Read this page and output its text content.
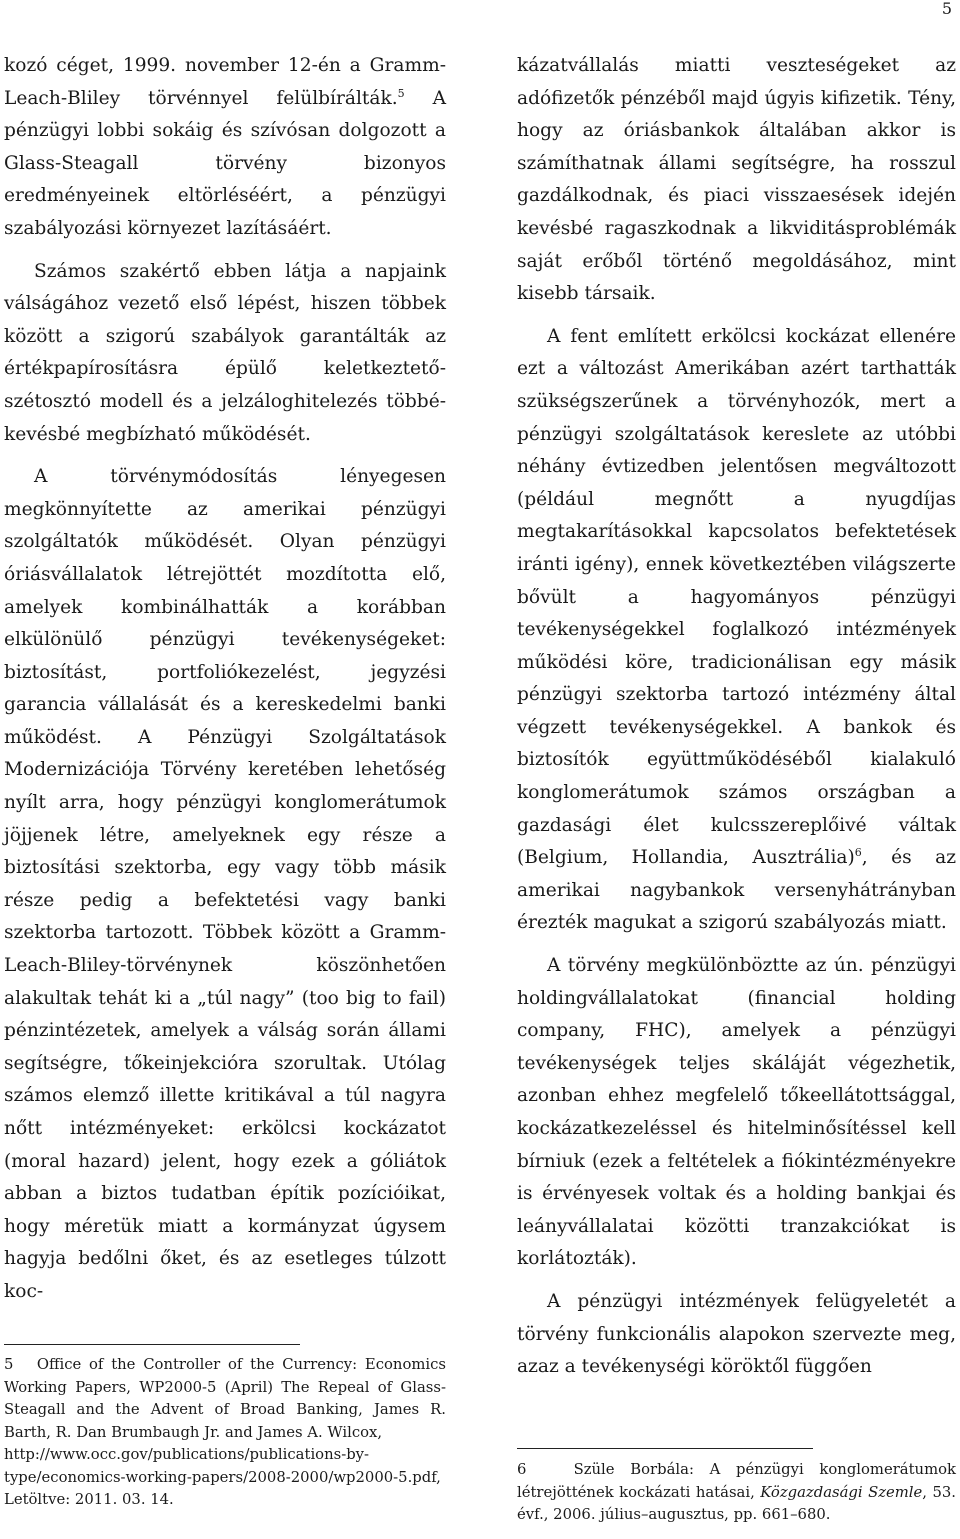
5

kozó céget, 1999. november 12-én a Gramm-Leach-Bliley törvénnyel felülbírálták.$^5$ A pénzügyi lobbi sokáig és szívósan dolgozott a Glass-Steagall törvény bizonyos eredményeinek eltörléséért, a pénzügyi szabályozási környezet lazításáért.

Számos szakértő ebben látja a napjaink válságához vezető első lépést, hiszen többek között a szigorú szabályok garantálták az értékpapírosításra épülő keletkeztető-szétosztó modell és a jelzáloghitelezés többé-kevésbé megbízható működését.

A törvénymódosítás lényegesen megkönnyítette az amerikai pénzügyi szolgáltatók működését. Olyan pénzügyi óriásvállalatok létrejöttét mozdította elő, amelyek kombinálhatták a korábban elkülönülő pénzügyi tevékenységeket: biztosítást, portfoliókezelést, jegyzési garancia vállalását és a kereskedelmi banki működést. A Pénzügyi Szolgáltatások Modernizációja Törvény keretében lehetőség nyílt arra, hogy pénzügyi konglomerátumok jöjjenek létre, amelyeknek egy része a biztosítási szektorba, egy vagy több másik része pedig a befektetési vagy banki szektorba tartozott. Többek között a Gramm-Leach-Bliley-törvénynek köszönhetően alakultak tehát ki a „túl nagy” (too big to fail) pénzintézetek, amelyek a válság során állami segítségre, tőkeinjekcióra szorultak. Utólag számos elemző illette kritikával a túl nagyra nőtt intézményeket: erkölcsi kockázatot (moral hazard) jelent, hogy ezek a góliátok abban a biztos tudatban építik pozícióikat, hogy méretük miatt a kormányzat úgysem hagyja bedőlni őket, és az esetleges túlzott koc-

kázatvállalás miatti veszteségeket az adófizetők pénzéből majd úgyis kifizetik. Tény, hogy az óriásbankok általában akkor is számíthatnak állami segítségre, ha rosszul gazdálkodnak, és piaci visszaesések idején kevésbé ragaszkodnak a likviditásproblémák saját erőből történő megoldásához, mint kisebb társaik.

A fent említett erkölcsi kockázat ellenére ezt a változást Amerikában azért tarthatták szükségszerűnek a törvényhozók, mert a pénzügyi szolgáltatások kereslete az utóbbi néhány évtizedben jelentősen megváltozott (például megnőtt a nyugdíjas megtakarításokkal kapcsolatos befektetések iránti igény), ennek következtében világszerte bővült a hagyományos pénzügyi tevékenységekkel foglalkozó intézmények működési köre, tradicionálisan egy másik pénzügyi szektorba tartozó intézmény által végzett tevékenységekkel. A bankok és biztosítók együttműködéséből kialakuló konglomerátumok számos országban a gazdasági élet kulcsszereplőivé váltak (Belgium, Hollandia, Ausztrália)$^6$, és az amerikai nagybankok versenyhátrányban érezték magukat a szigorú szabályozás miatt.

A törvény megkülönböztte az ún. pénzügyi holdingvállalatokat (financial holding company, FHC), amelyek a pénzügyi tevékenységek teljes skáláját végezhetik, azonban ehhez megfelelő tőkeellátottsággal, kockázatkezeléssel és hitelminősítéssel kell bírniuk (ezek a feltételek a fiókintézményekre is érvényesek voltak és a holding bankjai és leányvállalatai közötti tranzakciókat is korlátozták).

A pénzügyi intézmények felügyeletét a törvény funkcionális alapokon szervezte meg, azaz a tevékenységi köröktől függően

5 Office of the Controller of the Currency: Economics Working Papers, WP2000-5 (April) The Repeal of Glass-Steagall and the Advent of Broad Banking, James R. Barth, R. Dan Brumbaugh Jr. and James A. Wilcox,

http://www.occ.gov/publications/publications-by-type/economics-working-papers/2008-2000/wp2000-5.pdf, Letöltve: 2011. 03. 14.

6	Szüle Borbála: A pénzügyi konglomerátumok létrejöttének kockázati hatásai, Közgazdasági Szemle, 53. évf., 2006. július–augusztus, pp. 661–680.
